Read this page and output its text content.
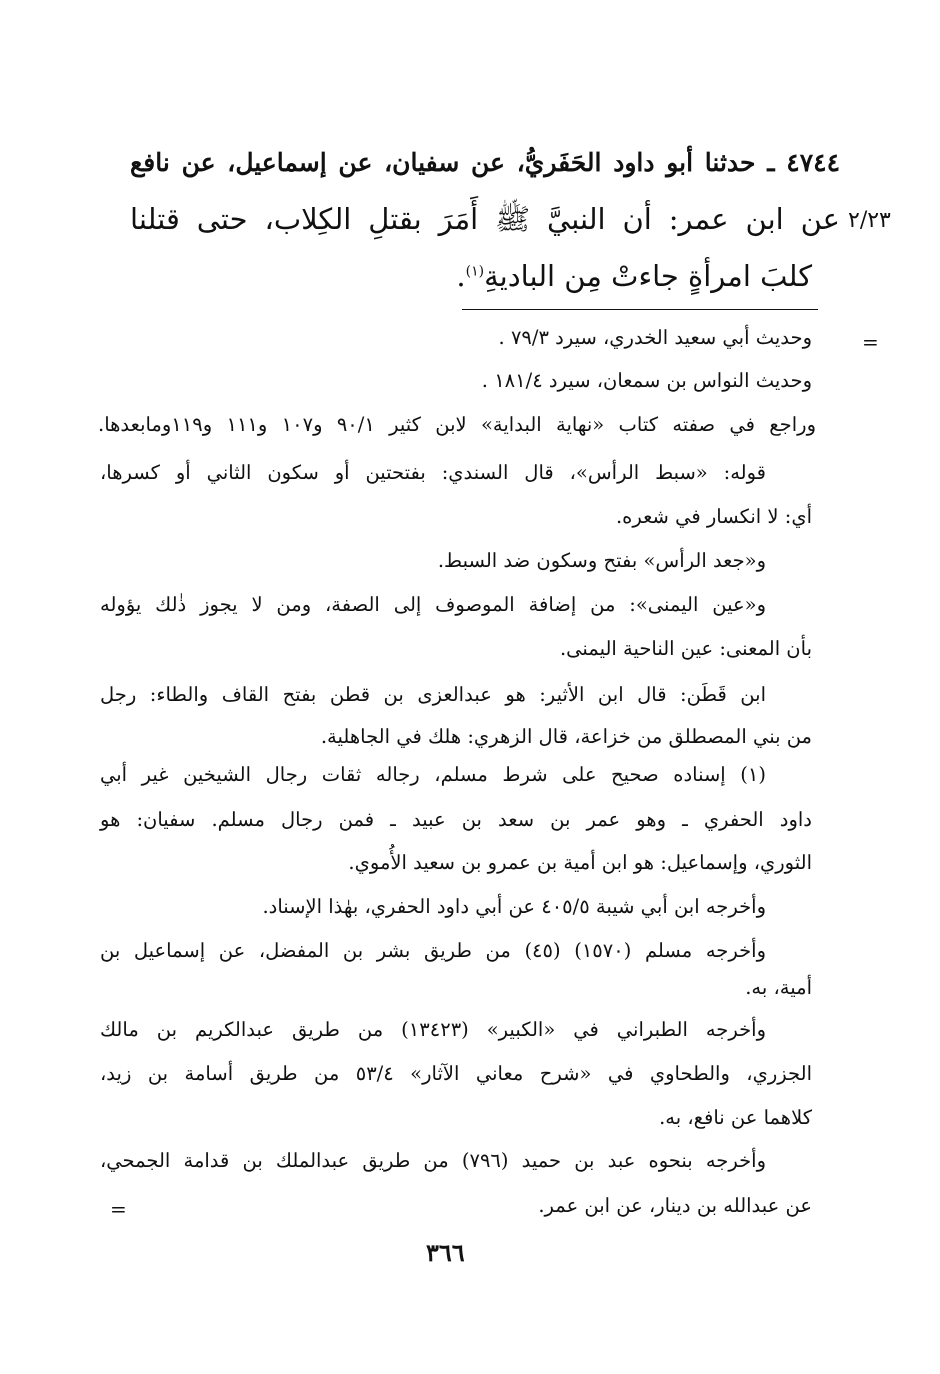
٤٧٤٤ ـ حدثنا أبو داود الحَفَريُّ، عن سفيان، عن إسماعيل، عن نافع

٢/٢٣

عن ابن عمر: أن النبيَّ ﷺ أَمَرَ بقتلِ الكِلاب، حتى قتلنا

كلبَ امرأةٍ جاءتْ مِن الباديةِ$^{(١)}$.

=

وحديث أبي سعيد الخدري، سيرد ٧٩/٣ .

وحديث النواس بن سمعان، سيرد ١٨١/٤ .

وراجع في صفته كتاب «نهاية البداية» لابن كثير ٩٠/١ و١٠٧ و١١١ و١١٩ومابعدها.

قوله: «سبط الرأس»، قال السندي: بفتحتين أو سكون الثاني أو كسرها،

أي: لا انكسار في شعره.

و«جعد الرأس» بفتح وسكون ضد السبط.

و«عين اليمنى»: من إضافة الموصوف إلى الصفة، ومن لا يجوز ذٰلك يؤوله

بأن المعنى: عين الناحية اليمنى.

ابن قَطَن: قال ابن الأثير: هو عبدالعزى بن قطن بفتح القاف والطاء: رجل

من بني المصطلق من خزاعة، قال الزهري: هلك في الجاهلية.

(١) إسناده صحيح على شرط مسلم، رجاله ثقات رجال الشيخين غير أبي

داود الحفري ـ وهو عمر بن سعد بن عبيد ـ فمن رجال مسلم. سفيان: هو

الثوري، وإسماعيل: هو ابن أمية بن عمرو بن سعيد الأُموي.

وأخرجه ابن أبي شيبة ٤٠٥/٥ عن أبي داود الحفري، بهٰذا الإسناد.

وأخرجه مسلم (١٥٧٠) (٤٥) من طريق بشر بن المفضل، عن إسماعيل بن

أمية، به.

وأخرجه الطبراني في «الكبير» (١٣٤٢٣) من طريق عبدالكريم بن مالك

الجزري، والطحاوي في «شرح معاني الآثار» ٥٣/٤ من طريق أسامة بن زيد،

كلاهما عن نافع، به.

وأخرجه بنحوه عبد بن حميد (٧٩٦) من طريق عبدالملك بن قدامة الجمحي،

عن عبدالله بن دينار، عن ابن عمر.

=
٣٦٦
